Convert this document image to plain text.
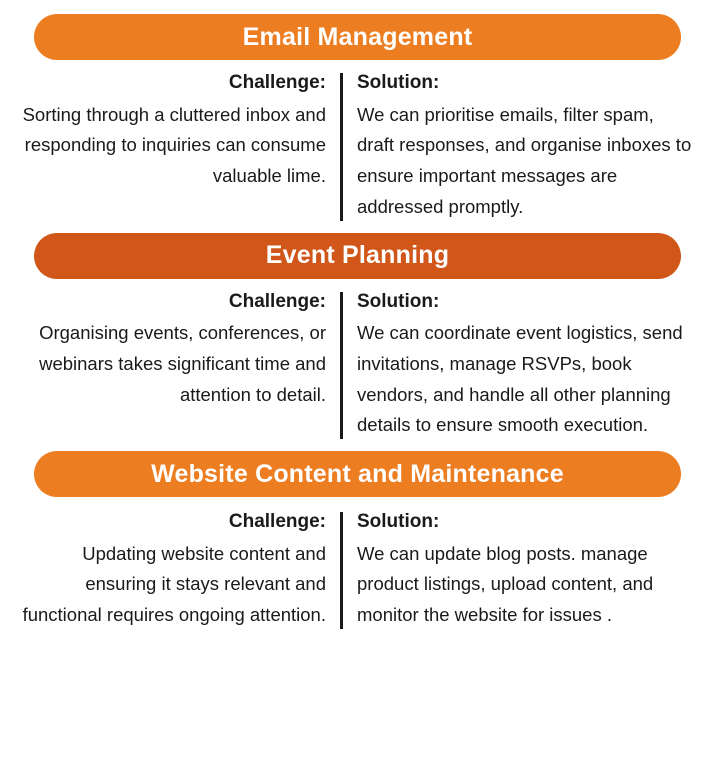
Email Management

Challenge:

Sorting through a cluttered inbox and responding to inquiries can consume valuable lime.

Solution:

We can prioritise emails, filter spam, draft responses, and organise inboxes to ensure important messages are addressed promptly.

Event Planning

Challenge:

Organising events, conferences, or webinars takes significant time and attention to detail.

Solution:

We can coordinate event logistics, send invitations, manage RSVPs, book vendors, and handle all other planning details to ensure smooth execution.

Website Content and Maintenance

Challenge:

Updating website content and ensuring it stays relevant and functional requires ongoing attention.

Solution:

We can update blog posts. manage product listings, upload content, and monitor the website for issues .
